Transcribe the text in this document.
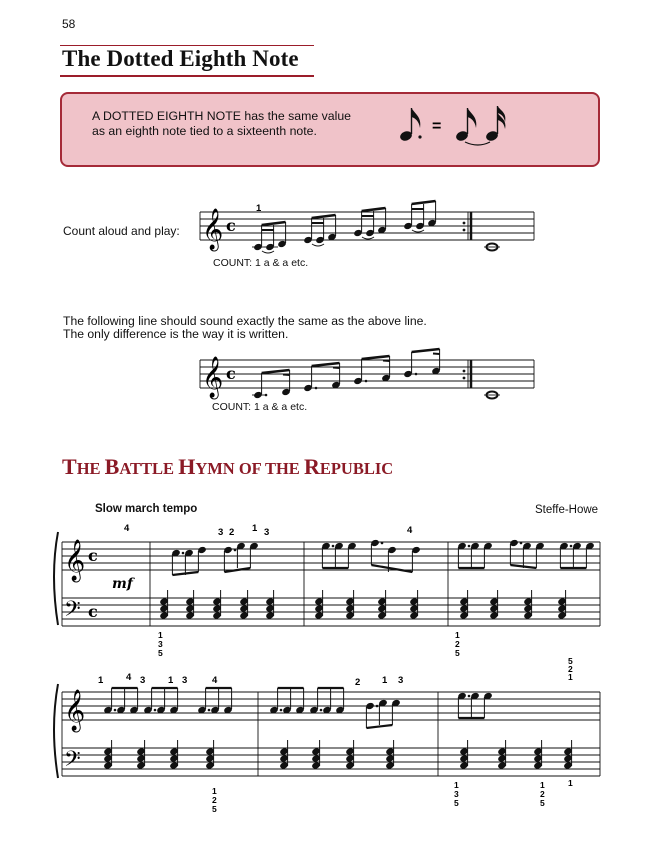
58
The Dotted Eighth Note
A DOTTED EIGHTH NOTE has the same value
as an eighth note tied to a sixteenth note.	=
Count aloud and play: 𝄞 c
1
COUNT: 1 a & a etc.
The following line should sound exactly the same as the above line.
The only difference is the way it is written.
𝄞 c
COUNT: 1 a & a etc.
THE BATTLE HYMN OF THE REPUBLIC
Slow march tempo	Steffe-Howe
𝄞
𝄢
c
c
mf
4	3 2 1 3	4
1
3
5
1
2
5
𝄞
𝄢
1 4 3 1 3	4	2 1 3
5
2
1
1
2
5
1
3
5
1
2
5
1
